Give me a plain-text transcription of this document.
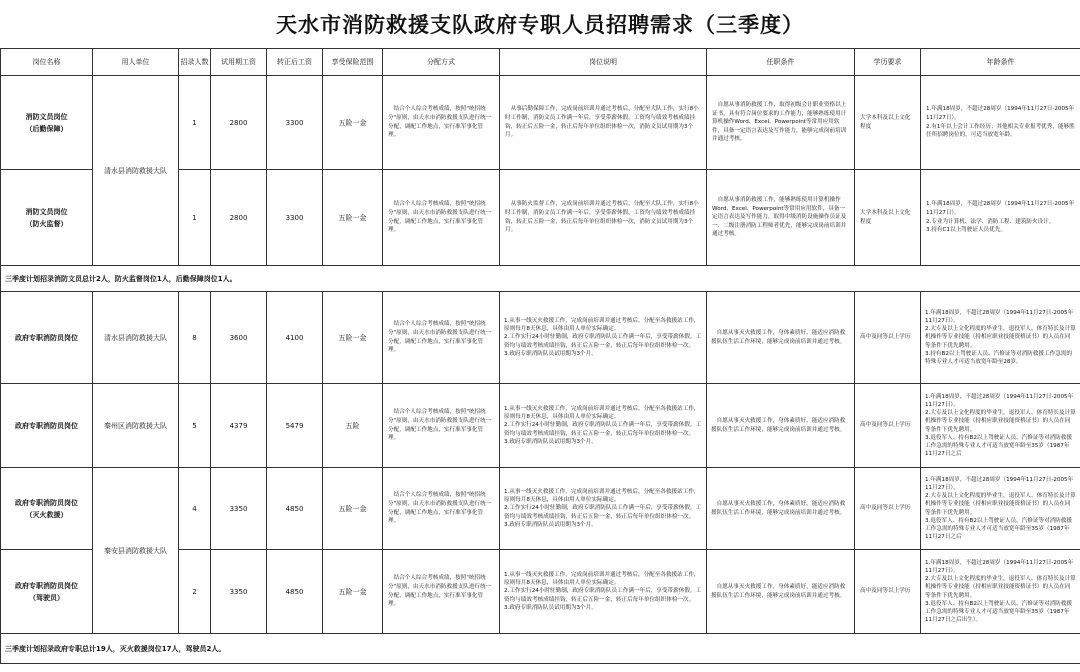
天水市消防救援支队政府专职人员招聘需求（三季度）
岗位名称	用人单位	招录人数	试用期工资	转正后工资	享受保险范围	分配方式	岗位说明	任职条件	学历要求	年龄条件
消防文员岗位
（后勤保障）	清水县消防救援大队	1	2800	3300	五险一金	结合个人综合考核成绩，按照"统招统分"原则，由天水市消防救援支队进行统一分配，调配工作地点，实行准军事化管理。	从事后勤保障工作，完成岗前培训并通过考核后，分配至大队工作，实行8小时工作制，消防文员工作满一年后，享受带薪休假，工资均与绩效考核成绩挂钩，转正后五险一金，转正后每年单位组织体检一次，消防文员试用期为3个月。	自愿从事消防救援工作，取得初级会计职业资格以上证书，具有符合岗位要求的工作能力，能够熟练使用计算机操作Word、Excel、Powerpoint等常用应用软件，具备一定语言表达及写作能力，能够完成岗前培训并通过考核。	大学本科及以上文化程度	1.年满18周岁，不超过28周岁（1994年11月27日-2005年11月27日）。
2.有1年以上会计工作经历；其他相关专业报考优秀，能够胜任所招聘岗位的，可适当放宽年龄。
消防文员岗位
（防火监督）		1	2800	3300	五险一金	结合个人综合考核成绩，按照"统招统分"原则，由天水市消防救援支队进行统一分配，调配工作地点，实行准军事化管理。	从事防火监督工作，完成岗前培训并通过考核后，分配至大队工作，实行8小时工作制，消防文员工作满一年后，享受带薪休假，工资均与绩效考核成绩挂钩，转正后五险一金，转正后每年单位组织体检一次，消防文员试用期为3个月。	自愿从事消防救援工作，能够熟练使用计算机操作Word、Excel、Powerpoint等常用应用软件，具备一定语言表达及写作能力，取得中级消防设施操作员证及一、二级注册消防工程师者优先，能够完成岗前培训并通过考核。	大学本科及以上文化程度	1.年满18周岁，不超过28周岁（1994年11月27日-2005年11月27日）。
2.专业为计算机、法学、消防工程、建筑防火设计。
3.持有C1以上驾驶证人员优先。
三季度计划招录消防文员总计2人，防火监督岗位1人，后勤保障岗位1人。										
政府专职消防员岗位	清水县消防救援大队	8	3600	4100	五险一金	结合个人综合考核成绩，按照"统招统分"原则，由天水市消防救援支队进行统一分配，调配工作地点，实行准军事化管理。	1.从事一线灭火救援工作，完成岗前培训并通过考核后，分配至各救援站工作，原则每月8天休息，具体由用人单位实际确定。
2.工作实行24小时驻勤制，政府专职消防队员工作满一年后，享受带薪休假。工资均与绩效考核成绩挂钩，转正后五险一金，转正后每年单位组织体检一次。
3.政府专职消防队员试用期为3个月。	自愿从事灭火救援工作，身体素质好，能适应消防救援队伍生活工作环境，能够完成岗前培训并通过考核。	高中及同等以上学历	1.年满18周岁，不超过28周岁（1994年11月27日-2005年11月27日）。
2.大专及以上文化程度的毕业生，退役军人、体育特长及计算机操作等专业技能（持相应职业技能资格证书）的人员在同等条件下优先聘用。
3.持有B2以上驾驶证人员、汽修证等对消防救援工作急需的特殊专业人才可适当放宽年龄至28岁。
政府专职消防员岗位	秦州区消防救援大队	5	4379	5479	五险	结合个人综合考核成绩，按照"统招统分"原则，由天水市消防救援支队进行统一分配，调配工作地点，实行准军事化管理。	1.从事一线灭火救援工作，完成岗前培训并通过考核后，分配至各救援站工作，原则每月8天休息，具体由用人单位实际确定。
2.工作实行24小时驻勤制，政府专职消防队员工作满一年后，享受带薪休假。工资均与绩效考核成绩挂钩，转正后五险一金，转正后每年单位组织体检一次。
3.政府专职消防队员试用期为3个月。	自愿从事灭火救援工作，身体素质好，能适应消防救援队伍生活工作环境，能够完成岗前培训并通过考核。	高中及同等以上学历	1.年满18周岁，不超过28周岁（1994年11月27日-2005年11月27日）。
2.大专及以上文化程度的毕业生，退役军人、体育特长及计算机操作等专业技能（持相应职业技能资格证书）的人员在同等条件下优先聘用。
3.退役军人、持有B2以上驾驶证人员、汽修证等对消防救援工作急需的特殊专业人才可适当放宽年龄至35岁（1987年11月27日之后
政府专职消防员岗位
（灭火救援）	秦安县消防救援大队	4	3350	4850	五险一金	结合个人综合考核成绩，按照"统招统分"原则，由天水市消防救援支队进行统一分配，调配工作地点，实行准军事化管理。	1.从事一线灭火救援工作，完成岗前培训并通过考核后，分配至各救援站工作，原则每月8天休息，具体由用人单位实际确定。
2.工作实行24小时驻勤制，政府专职消防队员工作满一年后，享受带薪休假。工资均与绩效考核成绩挂钩，转正后五险一金，转正后每年单位组织体检一次。
3.政府专职消防队员试用期为3个月。	自愿从事灭火救援工作，身体素质好，能适应消防救援队伍生活工作环境，能够完成岗前培训并通过考核。	高中及同等以上学历	1.年满18周岁，不超过28周岁（1994年11月27日-2005年11月27日）。
2.大专及以上文化程度的毕业生，退役军人、体育特长及计算机操作等专业技能（持相应职业技能资格证书）的人员在同等条件下优先聘用。
3.退役军人、持有B2以上驾驶证人员、汽修证等对消防救援工作急需的特殊专业人才可适当放宽年龄至35岁（1987年11月27日之后
政府专职消防员岗位
（驾驶员）		2	3350	4850	五险一金	结合个人综合考核成绩，按照"统招统分"原则，由天水市消防救援支队进行统一分配，调配工作地点，实行准军事化管理。	1.从事一线灭火救援工作，完成岗前培训并通过考核后，分配至各救援站工作，原则每月8天休息，具体由用人单位实际确定。
2.工作实行24小时驻勤制，政府专职消防队员工作满一年后，享受带薪休假。工资均与绩效考核成绩挂钩，转正后五险一金，转正后每年单位组织体检一次。
3.政府专职消防队员试用期为3个月。	自愿从事灭火救援工作，身体素质好，能适应消防救援队伍生活工作环境，能够完成岗前培训并通过考核。	高中及同等以上学历	1.年满18周岁，不超过28周岁（1994年11月27日-2005年11月27日）。
2.大专及以上文化程度的毕业生，退役军人、体育特长及计算机操作等专业技能（持相应职业技能资格证书）的人员在同等条件下优先聘用。
3.退役军人、持有B2以上驾驶证人员、汽修证等对消防救援工作急需的特殊专业人才可适当放宽年龄至35岁（1987年11月27日之后出生）。
三季度计划招录政府专职总计19人，灭火救援岗位17人，驾驶员2人。										
